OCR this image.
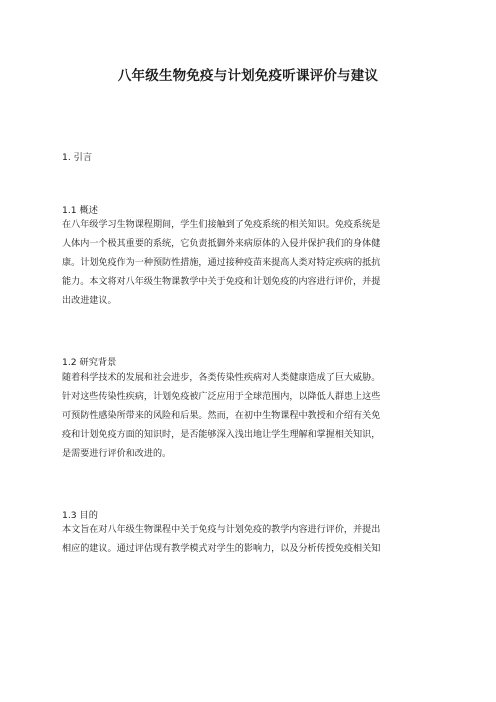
八年级生物免疫与计划免疫听课评价与建议
1. 引言
1.1 概述
在八年级学习生物课程期间，学生们接触到了免疫系统的相关知识。免疫系统是
人体内一个极其重要的系统，它负责抵御外来病原体的入侵并保护我们的身体健
康。计划免疫作为一种预防性措施，通过接种疫苗来提高人类对特定疾病的抵抗
能力。本文将对八年级生物课教学中关于免疫和计划免疫的内容进行评价，并提
出改进建议。
1.2 研究背景
随着科学技术的发展和社会进步，各类传染性疾病对人类健康造成了巨大威胁。
针对这些传染性疾病，计划免疫被广泛应用于全球范围内，以降低人群患上这些
可预防性感染所带来的风险和后果。然而，在初中生物课程中教授和介绍有关免
疫和计划免疫方面的知识时，是否能够深入浅出地让学生理解和掌握相关知识，
是需要进行评价和改进的。
1.3 目的
本文旨在对八年级生物课程中关于免疫与计划免疫的教学内容进行评价，并提出
相应的建议。通过评估现有教学模式对学生的影响力，以及分析传授免疫相关知
